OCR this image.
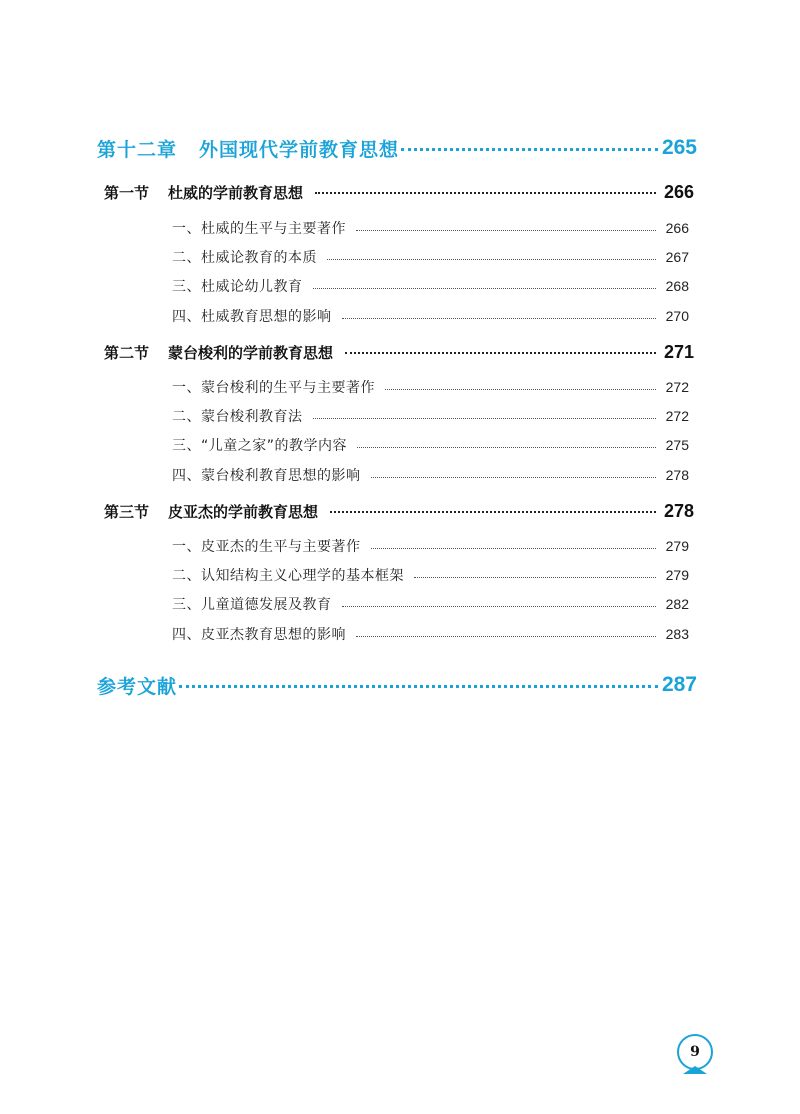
第十二章 外国现代学前教育思想	265
第一节 杜威的学前教育思想	266
一、杜威的生平与主要著作	266
二、杜威论教育的本质	267
三、杜威论幼儿教育	268
四、杜威教育思想的影响	270
第二节 蒙台梭利的学前教育思想	271
一、蒙台梭利的生平与主要著作	272
二、蒙台梭利教育法	272
三、“儿童之家”的教学内容	275
四、蒙台梭利教育思想的影响	278
第三节 皮亚杰的学前教育思想	278
一、皮亚杰的生平与主要著作	279
二、认知结构主义心理学的基本框架	279
三、儿童道德发展及教育	282
四、皮亚杰教育思想的影响	283
参考文献	287
9
